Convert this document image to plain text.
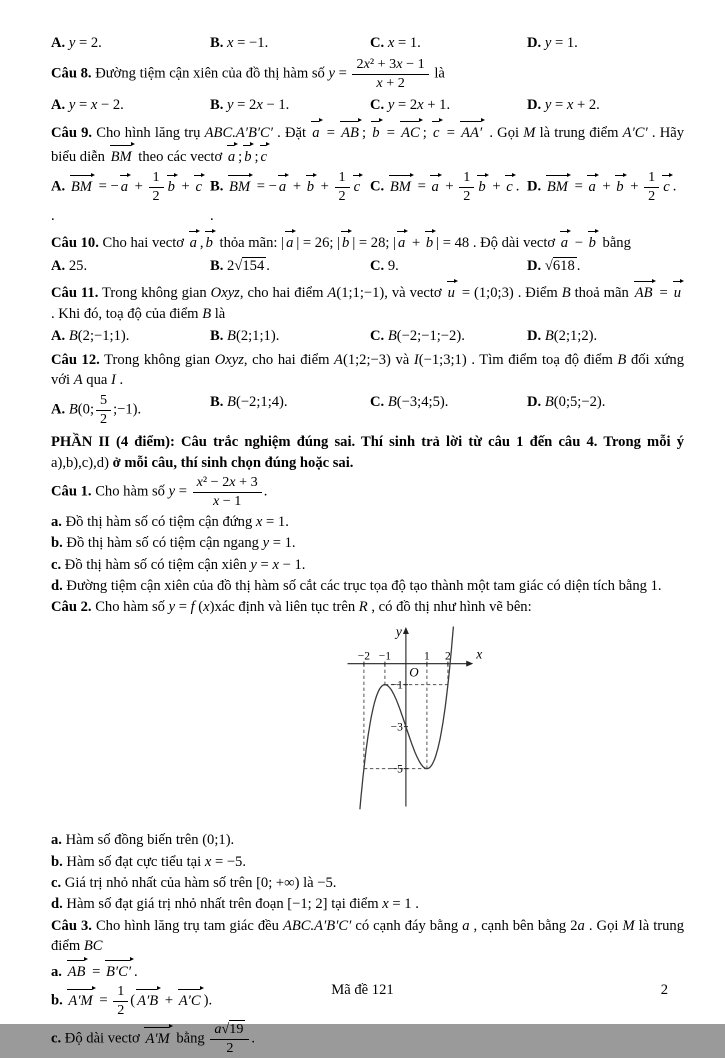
A. y = 2.	B. x = −1.	C. x = 1.	D. y = 1.
Câu 8. Đường tiệm cận xiên của đồ thị hàm số $y = \frac{\text{2x² + 3x − 1}}{x + 2}$ là
A. y = x − 2.	B. y = 2x − 1.	C. y = 2x + 1.	D. y = x + 2.
Câu 9. Cho hình lăng trụ ABC.A′B′C′ . Đặt a = AB ; b = AC ; c = AA′ . Gọi M là trung điểm A′C′ . Hãy biểu diễn BM theo các vectơ a ; b ; c
A. BM = − $a + \frac{1}{2}$ b + c.
B. BM = − $a + b + \frac{1}{2} c$.
C. BM = $a + \frac{1}{2}$ b + c . D. BM = $a + b + \frac{1}{2}$ c .
Câu 10. Cho hai vectơ a , b thỏa mãn: | a | = 26; | b | = 28; | a + b | = 48 . Độ dài vectơ a − b bằng
A. 25.	B. 2√154 .	C. 9.	D. √618 .
Câu 11. Trong không gian Oxyz, cho hai điểm A(1;1;−1), và vectơ u = (1;0;3) . Điểm B thoả mãn AB = u . Khi đó, toạ độ của điểm B là
A. B(2;−1;1).	B. B(2;1;1).	C. B(−2;−1;−2).	D. B(2;1;2).
Câu 12. Trong không gian Oxyz, cho hai điểm A(1;2;−3) và I(−1;3;1) . Tìm điểm toạ độ điểm B đối xứng với A qua I .
A. B(0; $\frac{5}{2}$ ;−1).	B. B(−2;1;4).	C. B(−3;4;5).	D. B(0;5;−2).
PHẦN II (4 điểm): Câu trắc nghiệm đúng sai. Thí sinh trả lời từ câu 1 đến câu 4. Trong mỗi ý a),b),c),d) ở mỗi câu, thí sinh chọn đúng hoặc sai.
Câu 1. Cho hàm số $y = \frac{\text{x² − 2x + 3}}{x - 1}$ .
a. Đồ thị hàm số có tiệm cận đứng x = 1.
b. Đồ thị hàm số có tiệm cận ngang y = 1.
c. Đồ thị hàm số có tiệm cận xiên y = x − 1.
d. Đường tiệm cận xiên của đồ thị hàm số cắt các trục tọa độ tạo thành một tam giác có diện tích bằng 1.
Câu 2. Cho hàm số y = f (x)xác định và liên tục trên R , có đồ thị như hình vẽ bên:
−2 −1	1 2
−1
−3
−5
O
x
y
a. Hàm số đồng biến trên (0;1).
b. Hàm số đạt cực tiểu tại x = −5.
c. Giá trị nhỏ nhất của hàm số trên [0; +∞) là −5.
d. Hàm số đạt giá trị nhỏ nhất trên đoạn [−1; 2] tại điểm x = 1 .
Câu 3. Cho hình lăng trụ tam giác đều ABC.A′B′C′ có cạnh đáy bằng a , cạnh bên bằng 2a . Gọi M là trung điểm BC
a. AB = B′C′ .
b. $A'M = \frac{1}{2}$ ( A′B + A′C ).
c. Độ dài vectơ A′M bằng $\frac{a√19}{2}$ .
Mã đề 121	2
